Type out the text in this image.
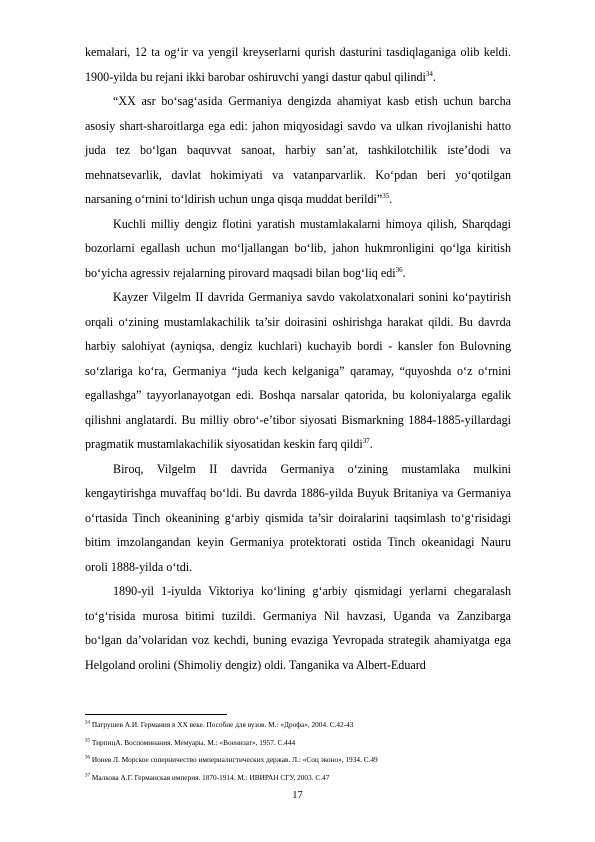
kemalari, 12 ta og‘ir va yengil kreyserlarni qurish dasturini tasdiqlaganiga olib keldi. 1900-yilda bu rejani ikki barobar oshiruvchi yangi dastur qabul qilindi$^{34}$.

“XX asr bo‘sag‘asida Germaniya dengizda ahamiyat kasb etish uchun barcha asosiy shart-sharoitlarga ega edi: jahon miqyosidagi savdo va ulkan rivojlanishi hatto juda tez bo‘lgan baquvvat sanoat, harbiy san’at, tashkilotchilik iste’dodi va mehnatsevarlik, davlat hokimiyati va vatanparvarlik. Ko‘pdan beri yo‘qotilgan narsaning o‘rnini to‘ldirish uchun unga qisqa muddat berildi”$^{35}$.

Kuchli milliy dengiz flotini yaratish mustamlakalarni himoya qilish, Sharqdagi bozorlarni egallash uchun mo‘ljallangan bo‘lib, jahon hukmronligini qo‘lga kiritish bo‘yicha agressiv rejalarning pirovard maqsadi bilan bog‘liq edi$^{36}$.

Kayzer Vilgelm II davrida Germaniya savdo vakolatxonalari sonini ko‘paytirish orqali o‘zining mustamlakachilik ta’sir doirasini oshirishga harakat qildi. Bu davrda harbiy salohiyat (ayniqsa, dengiz kuchlari) kuchayib bordi - kansler fon Bulovning so‘zlariga ko‘ra, Germaniya “juda kech kelganiga” qaramay, “quyoshda o‘z o‘rnini egallashga” tayyorlanayotgan edi. Boshqa narsalar qatorida, bu koloniyalarga egalik qilishni anglatardi. Bu milliy obro‘-e’tibor siyosati Bismarkning 1884-1885-yillardagi pragmatik mustamlakachilik siyosatidan keskin farq qildi$^{37}$.

Biroq, Vilgelm II davrida Germaniya o‘zining mustamlaka mulkini kengaytirishga muvaffaq bo‘ldi. Bu davrda 1886-yilda Buyuk Britaniya va Germaniya o‘rtasida Tinch okeanining g‘arbiy qismida ta’sir doiralarini taqsimlash to‘g‘risidagi bitim imzolangandan keyin Germaniya protektorati ostida Tinch okeanidagi Nauru oroli 1888-yilda o‘tdi.

1890-yil 1-iyulda Viktoriya ko‘lining g‘arbiy qismidagi yerlarni chegaralash to‘g‘risida murosa bitimi tuzildi. Germaniya Nil havzasi, Uganda va Zanzibarga bo‘lgan da’volaridan voz kechdi, buning evaziga Yevropada strategik ahamiyatga ega Helgoland orolini (Shimoliy dengiz) oldi. Tanganika va Albert-Eduard

$^{34}$ Патрушев А.И. Германия в XX веке. Пособие для вузов. М.: «Дрофа», 2004. С.42-43
$^{35}$ ТирпицА. Воспоминания. Мемуары. М.: «Военизат», 1957. С.444
$^{36}$ Ионев Л. Морское соперничество империалистических держав. Л.: «Соц эконо», 1934. С.49
$^{37}$ Малкова А.Г. Германская империя. 1870-1914. М.: ИВИРАН СГУ, 2003. С.47
17
